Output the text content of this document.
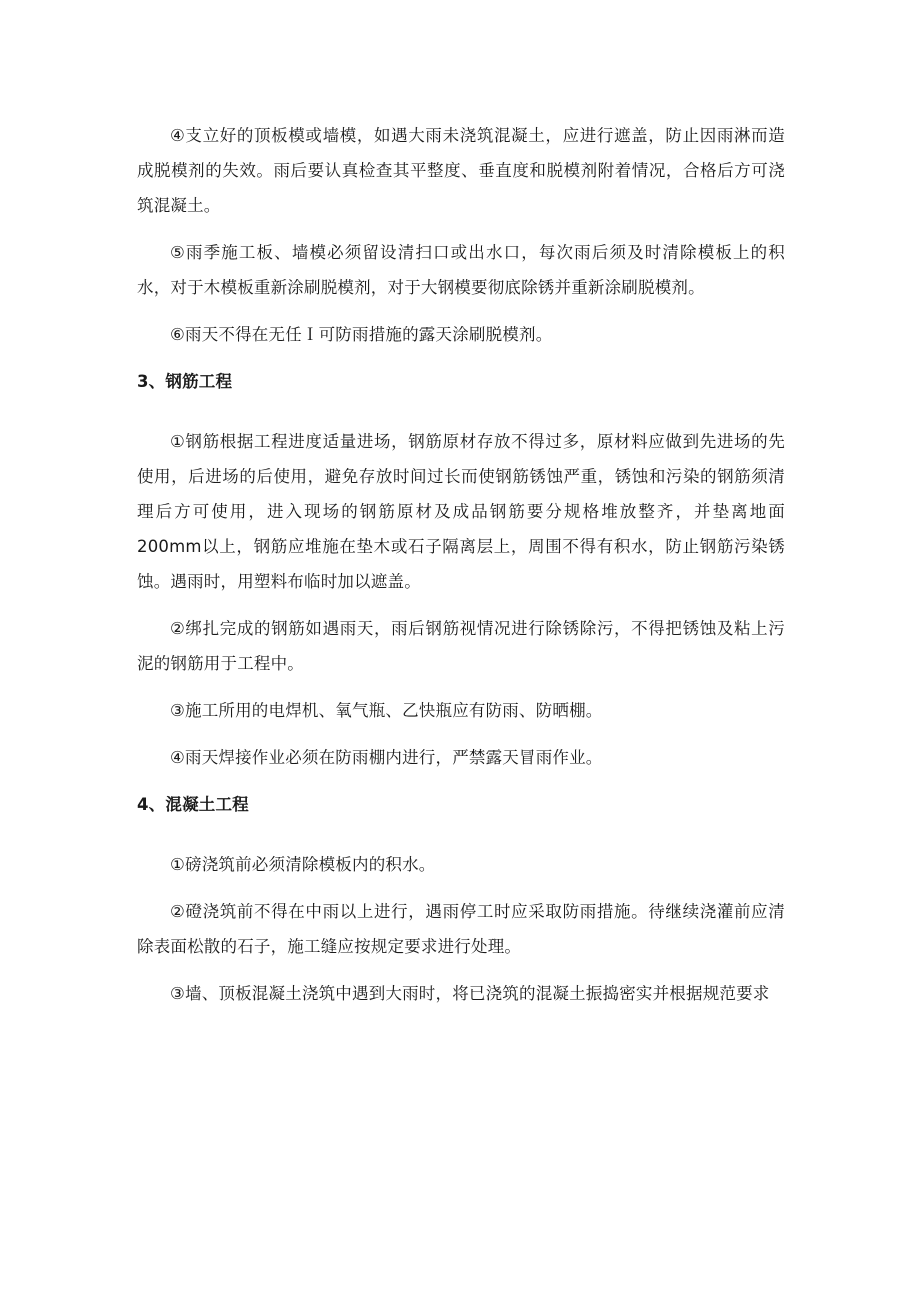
④支立好的顶板模或墙模，如遇大雨未浇筑混凝土，应进行遮盖，防止因雨淋而造成脱模剂的失效。雨后要认真检查其平整度、垂直度和脱模剂附着情况，合格后方可浇筑混凝土。

⑤雨季施工板、墙模必须留设清扫口或出水口，每次雨后须及时清除模板上的积水，对于木模板重新涂刷脱模剂，对于大钢模要彻底除锈并重新涂刷脱模剂。

⑥雨天不得在无任Ｉ可防雨措施的露天涂刷脱模剂。

3、钢筋工程

①钢筋根据工程进度适量进场，钢筋原材存放不得过多，原材料应做到先进场的先使用，后进场的后使用，避免存放时间过长而使钢筋锈蚀严重，锈蚀和污染的钢筋须清理后方可使用，进入现场的钢筋原材及成品钢筋要分规格堆放整齐，并垫离地面200mm以上，钢筋应堆施在垫木或石子隔离层上，周围不得有积水，防止钢筋污染锈蚀。遇雨时，用塑料布临时加以遮盖。

②绑扎完成的钢筋如遇雨天，雨后钢筋视情况进行除锈除污，不得把锈蚀及粘上污泥的钢筋用于工程中。

③施工所用的电焊机、氧气瓶、乙快瓶应有防雨、防晒棚。

④雨天焊接作业必须在防雨棚内进行，严禁露天冒雨作业。

4、混凝土工程

①磅浇筑前必须清除模板内的积水。

②磴浇筑前不得在中雨以上进行，遇雨停工时应采取防雨措施。待继续浇灌前应清除表面松散的石子，施工缝应按规定要求进行处理。

③墙、顶板混凝土浇筑中遇到大雨时，将已浇筑的混凝土振捣密实并根据规范要求
